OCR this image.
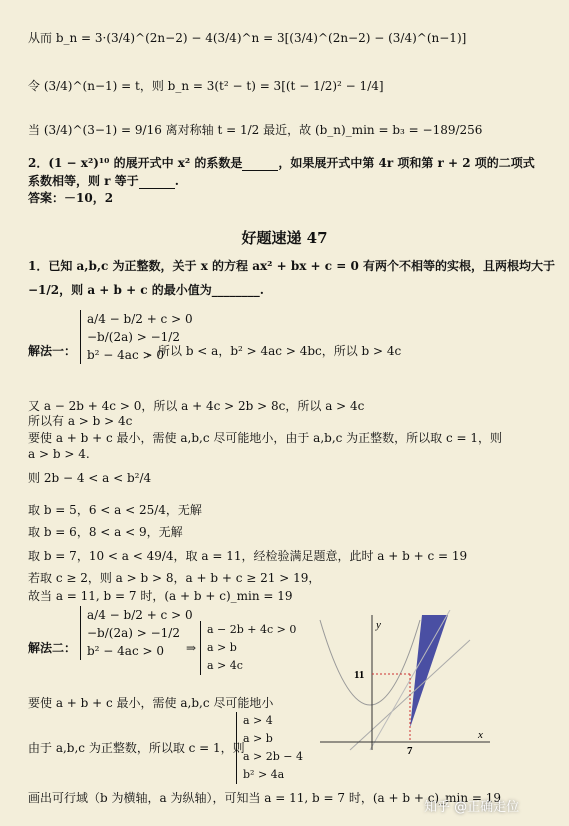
从而 b_n = 3·(3/4)^(2n−2) − 4(3/4)^n = 3[(3/4)^(2n−2) − (3/4)^(n−1)]
令 (3/4)^(n−1) = t，则 b_n = 3(t² − t) = 3[(t − 1/2)² − 1/4]
当 (3/4)^(3−1) = 9/16 离对称轴 t = 1/2 最近，故 (b_n)_min = b₃ = −189/256
2．(1 − x²)¹⁰ 的展开式中 x² 的系数是	，如果展开式中第 4r 项和第 r + 2 项的二项式
系数相等，则 r 等于	.
答案：－10，2
好题速递 47
1．已知 a,b,c 为正整数，关于 x 的方程 ax² + bx + c = 0 有两个不相等的实根，且两根均大于
−1/2，则 a + b + c 的最小值为________.
解法一：
a/4 − b/2 + c > 0
−b/(2a) > −1/2
b² − 4ac > 0
，所以 b < a，b² > 4ac > 4bc，所以 b > 4c
又 a − 2b + 4c > 0，所以 a + 4c > 2b > 8c，所以 a > 4c
所以有 a > b > 4c
要使 a + b + c 最小，需使 a,b,c 尽可能地小，由于 a,b,c 为正整数，所以取 c = 1，则
a > b > 4.
则 2b − 4 < a < b²/4
取 b = 5，6 < a < 25/4，无解
取 b = 6，8 < a < 9，无解
取 b = 7，10 < a < 49/4，取 a = 11，经检验满足题意，此时 a + b + c = 19
若取 c ≥ 2，则 a > b > 8，a + b + c ≥ 21 > 19，
故当 a = 11, b = 7 时，(a + b + c)_min = 19
解法二：
a/4 − b/2 + c > 0
−b/(2a) > −1/2
b² − 4ac > 0	⇒
a − 2b + 4c > 0
a > b
a > 4c
要使 a + b + c 最小，需使 a,b,c 尽可能地小
由于 a,b,c 为正整数，所以取 c = 1，则
a > 4
a > b
a > 2b − 4
b² > 4a
画出可行域（b 为横轴，a 为纵轴），可知当 a = 11, b = 7 时，(a + b + c)_min = 19
y
x
11
7
知乎 @正确走位
